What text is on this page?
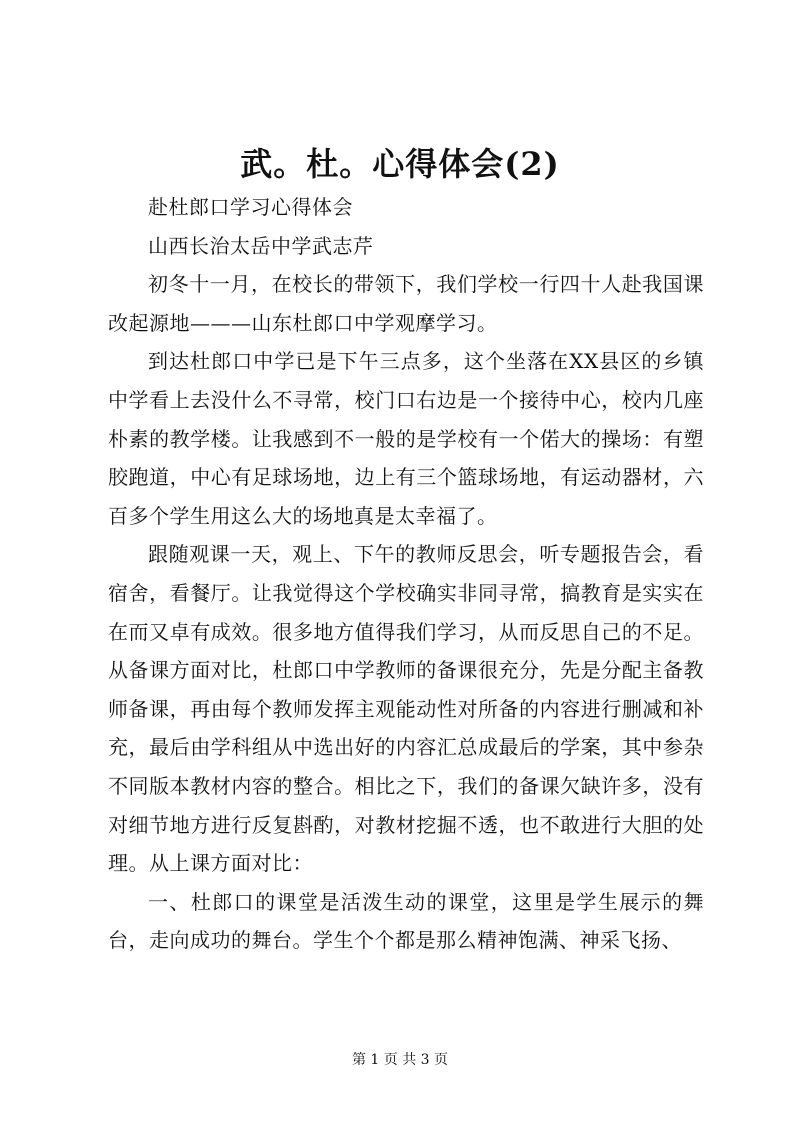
武。杜。心得体会(2)

赴杜郎口学习心得体会

山西长治太岳中学武志芹

初冬十一月，在校长的带领下，我们学校一行四十人赴我国课改起源地———山东杜郎口中学观摩学习。

到达杜郎口中学已是下午三点多，这个坐落在XX县区的乡镇中学看上去没什么不寻常，校门口右边是一个接待中心，校内几座朴素的教学楼。让我感到不一般的是学校有一个偌大的操场：有塑胶跑道，中心有足球场地，边上有三个篮球场地，有运动器材，六百多个学生用这么大的场地真是太幸福了。

跟随观课一天，观上、下午的教师反思会，听专题报告会，看宿舍，看餐厅。让我觉得这个学校确实非同寻常，搞教育是实实在在而又卓有成效。很多地方值得我们学习，从而反思自己的不足。从备课方面对比，杜郎口中学教师的备课很充分，先是分配主备教师备课，再由每个教师发挥主观能动性对所备的内容进行删减和补充，最后由学科组从中选出好的内容汇总成最后的学案，其中参杂不同版本教材内容的整合。相比之下，我们的备课欠缺许多，没有对细节地方进行反复斟酌，对教材挖掘不透，也不敢进行大胆的处理。从上课方面对比：

一、杜郎口的课堂是活泼生动的课堂，这里是学生展示的舞台，走向成功的舞台。学生个个都是那么精神饱满、神采飞扬、

第 1 页 共 3 页
